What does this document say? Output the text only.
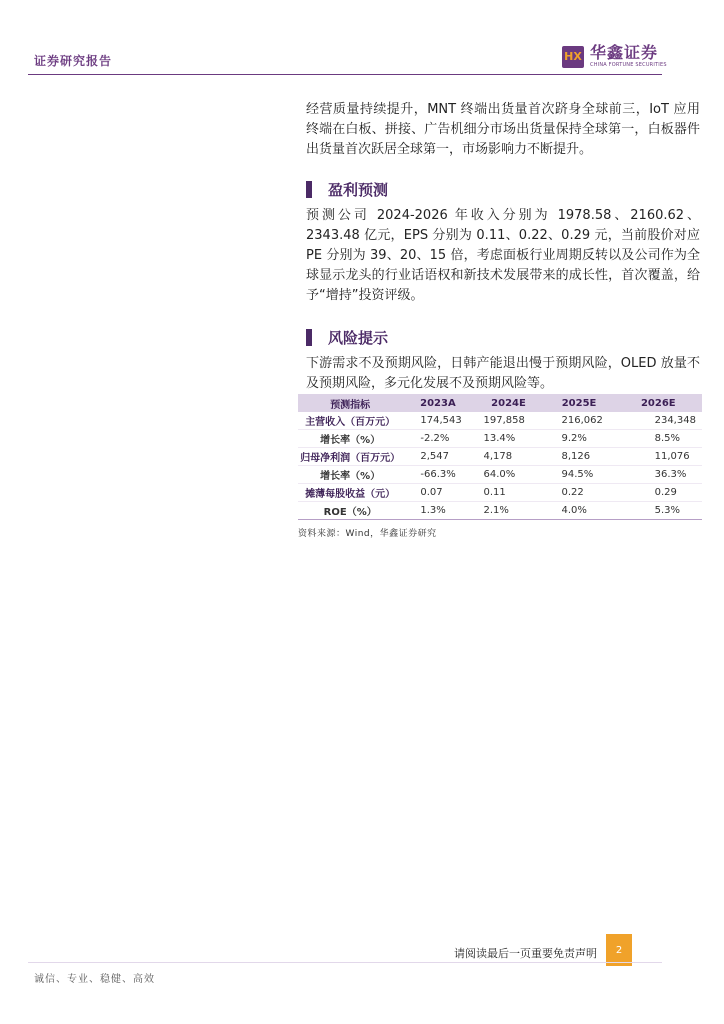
证券研究报告	HX 华鑫证券
CHINA FORTUNE SECURITIES

经营质量持续提升，MNT 终端出货量首次跻身全球前三，IoT 应用终端在白板、拼接、广告机细分市场出货量保持全球第一，白板器件出货量首次跃居全球第一，市场影响力不断提升。

盈利预测

预测公司 2024-2026 年收入分别为 1978.58、2160.62、2343.48 亿元，EPS 分别为 0.11、0.22、0.29 元，当前股价对应 PE 分别为 39、20、15 倍，考虑面板行业周期反转以及公司作为全球显示龙头的行业话语权和新技术发展带来的成长性，首次覆盖，给予“增持”投资评级。

风险提示

下游需求不及预期风险，日韩产能退出慢于预期风险，OLED 放量不及预期风险，多元化发展不及预期风险等。

预测指标	2023A	2024E	2025E	2026E
主营收入（百万元）	174,543	197,858	216,062	234,348
增长率（%）	-2.2%	13.4%	9.2%	8.5%
归母净利润（百万元）	2,547	4,178	8,126	11,076
增长率（%）	-66.3%	64.0%	94.5%	36.3%
摊薄每股收益（元）	0.07	0.11	0.22	0.29
ROE（%）	1.3%	2.1%	4.0%	5.3%
资料来源：Wind，华鑫证券研究
请阅读最后一页重要免责声明 2
诚信、专业、稳健、高效
